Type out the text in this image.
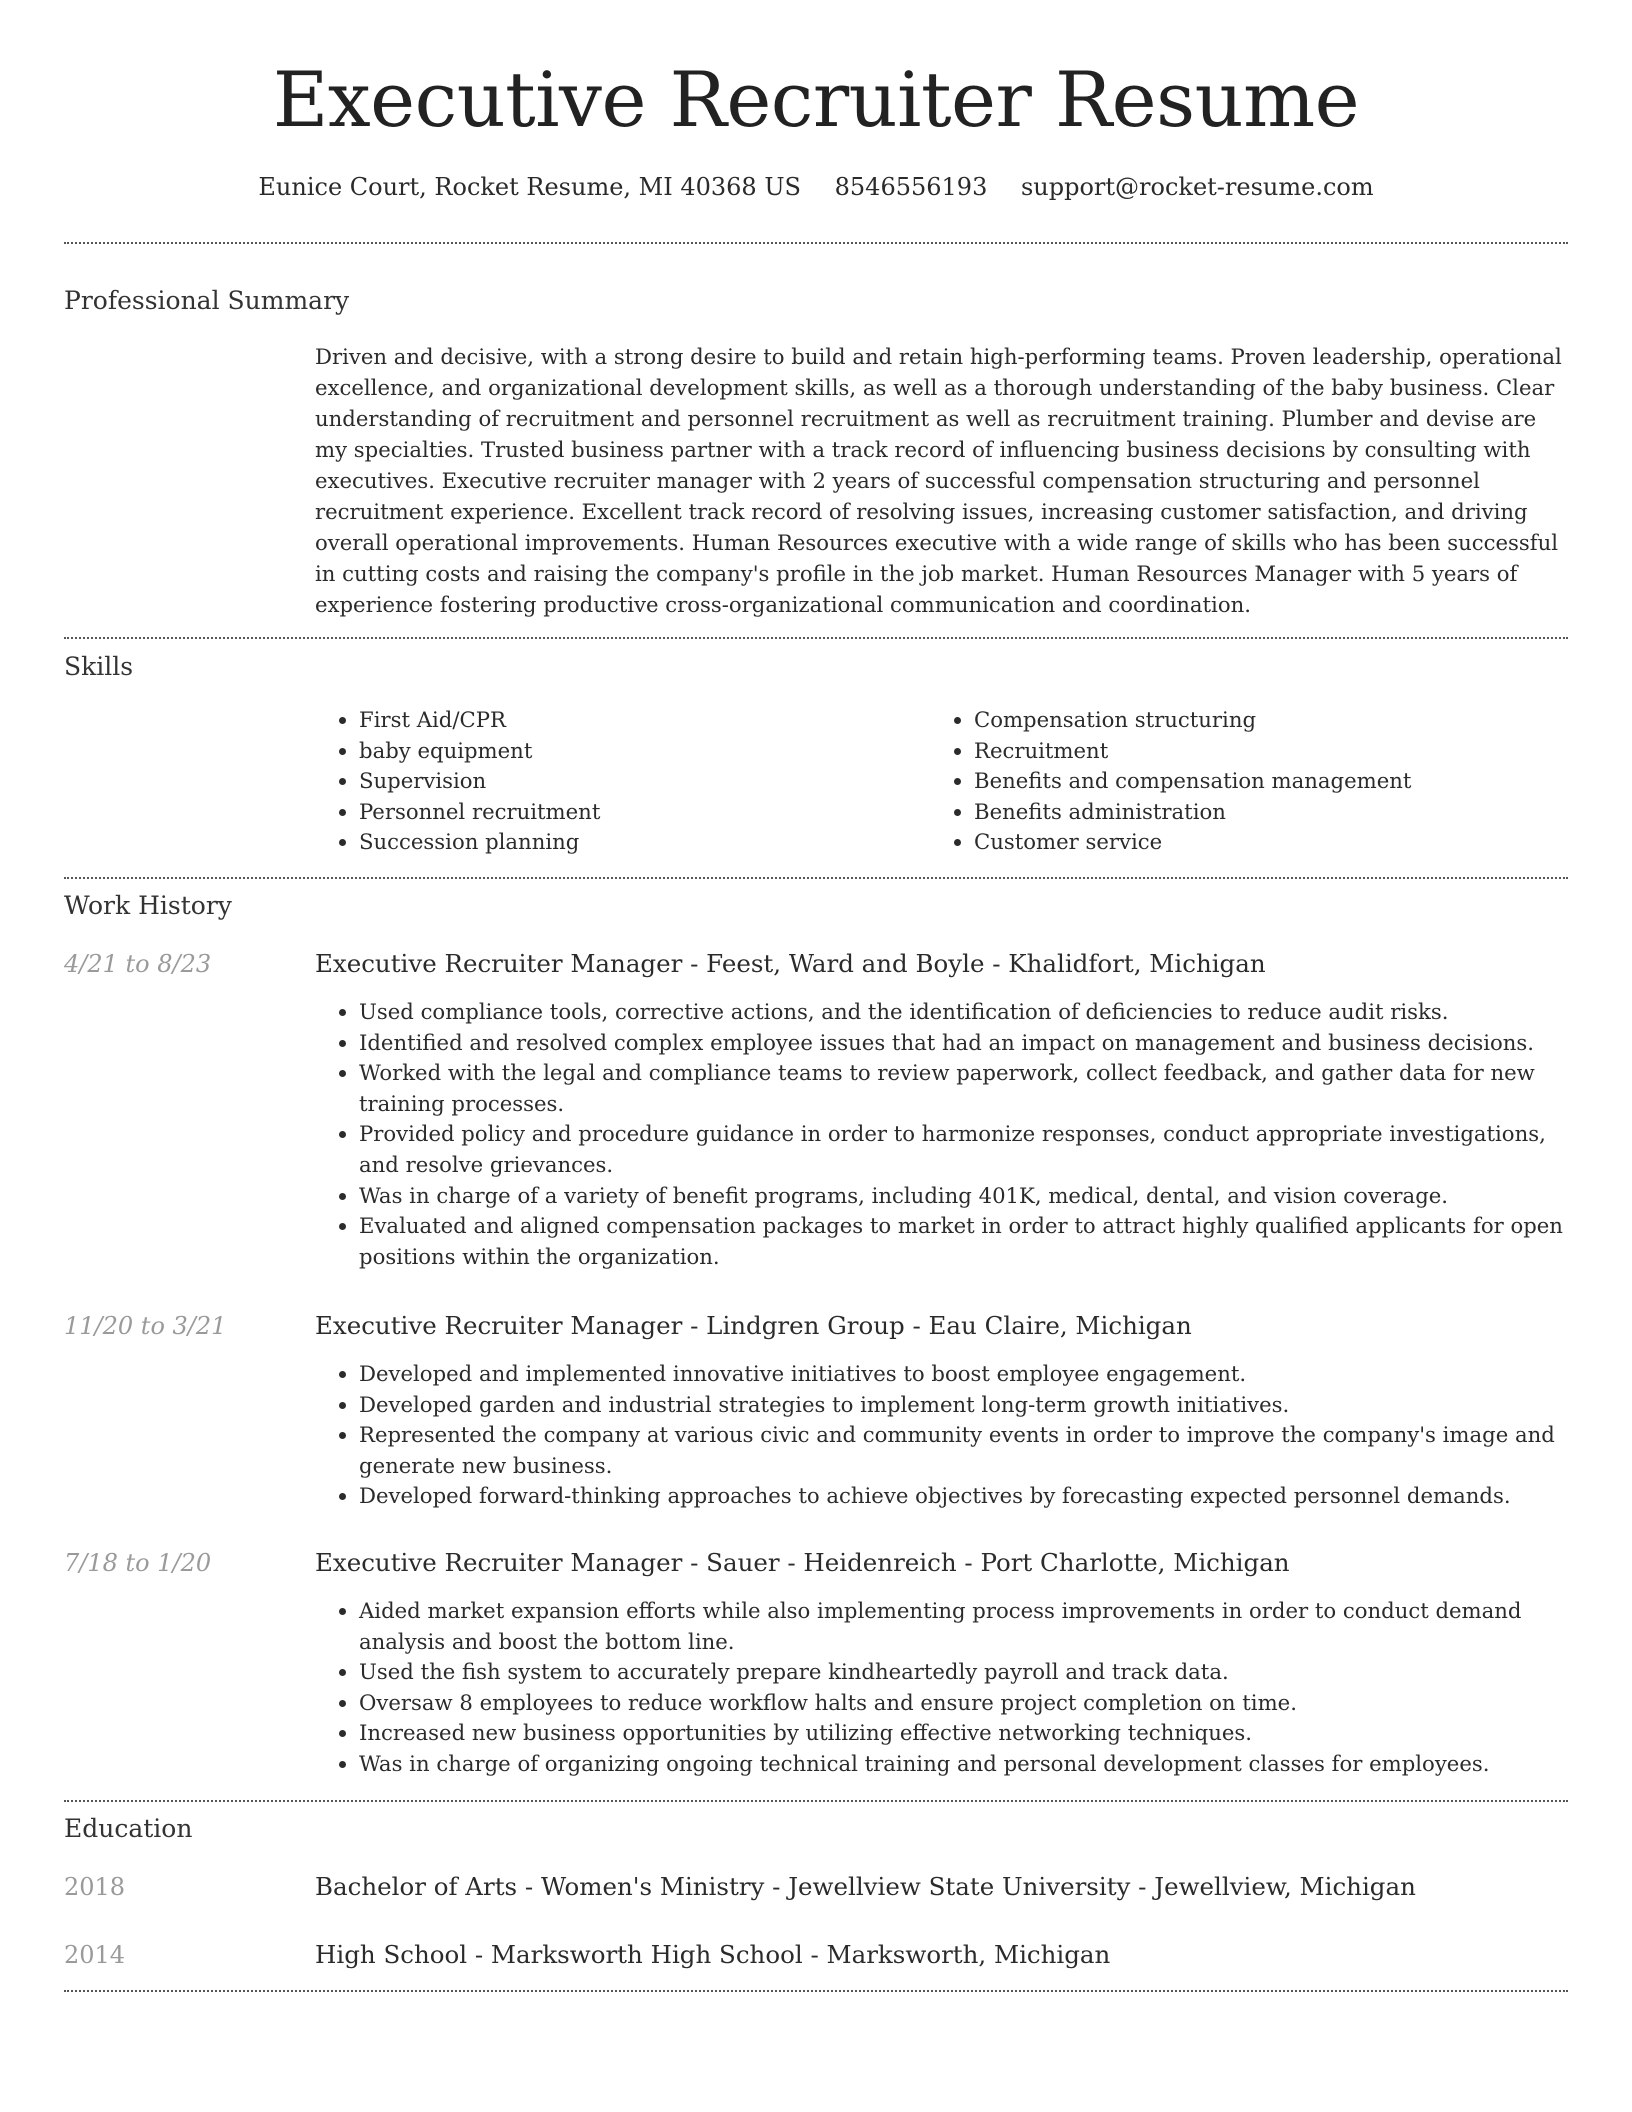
Executive Recruiter Resume
Eunice Court, Rocket Resume, MI 40368 US 8546556193 support@rocket-resume.com
Professional Summary
Driven and decisive, with a strong desire to build and retain high-performing teams. Proven leadership, operational excellence, and organizational development skills, as well as a thorough understanding of the baby business. Clear understanding of recruitment and personnel recruitment as well as recruitment training. Plumber and devise are my specialties. Trusted business partner with a track record of influencing business decisions by consulting with executives. Executive recruiter manager with 2 years of successful compensation structuring and personnel recruitment experience. Excellent track record of resolving issues, increasing customer satisfaction, and driving overall operational improvements. Human Resources executive with a wide range of skills who has been successful in cutting costs and raising the company's profile in the job market. Human Resources Manager with 5 years of experience fostering productive cross-organizational communication and coordination.
Skills
• First Aid/CPR
• baby equipment
• Supervision
• Personnel recruitment
• Succession planning
• Compensation structuring
• Recruitment
• Benefits and compensation management
• Benefits administration
• Customer service
Work History
4/21 to 8/23	Executive Recruiter Manager - Feest, Ward and Boyle - Khalidfort, Michigan
• Used compliance tools, corrective actions, and the identification of deficiencies to reduce audit risks.
• Identified and resolved complex employee issues that had an impact on management and business decisions.
• Worked with the legal and compliance teams to review paperwork, collect feedback, and gather data for new training processes.
• Provided policy and procedure guidance in order to harmonize responses, conduct appropriate investigations, and resolve grievances.
• Was in charge of a variety of benefit programs, including 401K, medical, dental, and vision coverage.
• Evaluated and aligned compensation packages to market in order to attract highly qualified applicants for open positions within the organization.
11/20 to 3/21	Executive Recruiter Manager - Lindgren Group - Eau Claire, Michigan
• Developed and implemented innovative initiatives to boost employee engagement.
• Developed garden and industrial strategies to implement long-term growth initiatives.
• Represented the company at various civic and community events in order to improve the company's image and generate new business.
• Developed forward-thinking approaches to achieve objectives by forecasting expected personnel demands.
7/18 to 1/20	Executive Recruiter Manager - Sauer - Heidenreich - Port Charlotte, Michigan
• Aided market expansion efforts while also implementing process improvements in order to conduct demand analysis and boost the bottom line.
• Used the fish system to accurately prepare kindheartedly payroll and track data.
• Oversaw 8 employees to reduce workflow halts and ensure project completion on time.
• Increased new business opportunities by utilizing effective networking techniques.
• Was in charge of organizing ongoing technical training and personal development classes for employees.
Education
2018	Bachelor of Arts - Women's Ministry - Jewellview State University - Jewellview, Michigan
2014	High School - Marksworth High School - Marksworth, Michigan
